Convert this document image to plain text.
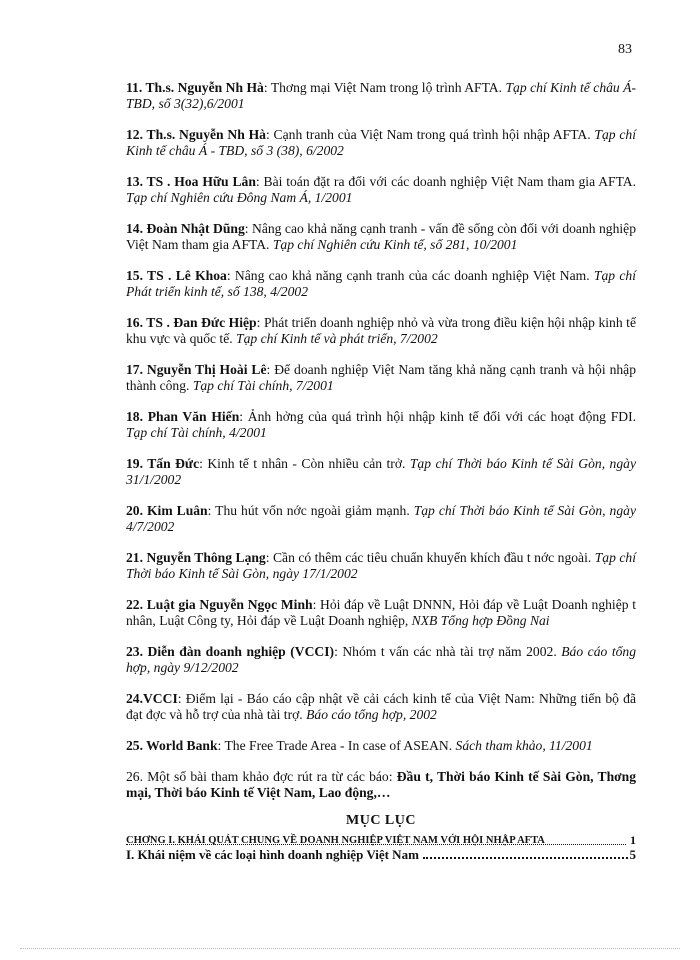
83

11. Th.s. Nguyễn Nh Hà: Thơng mại Việt Nam trong lộ trình AFTA. Tạp chí Kinh tế châu Á- TBD, số 3(32),6/2001

12. Th.s. Nguyễn Nh Hà: Cạnh tranh của Việt Nam trong quá trình hội nhập AFTA. Tạp chí Kinh tế châu Á - TBD, số 3 (38), 6/2002

13. TS . Hoa Hữu Lân: Bài toán đặt ra đối với các doanh nghiệp Việt Nam tham gia AFTA. Tạp chí Nghiên cứu Đông Nam Á, 1/2001

14. Đoàn Nhật Dũng: Nâng cao khả năng cạnh tranh - vấn đề sống còn đối với doanh nghiệp Việt Nam tham gia AFTA. Tạp chí Nghiên cứu Kinh tế, số 281, 10/2001

15. TS . Lê Khoa: Nâng cao khả năng cạnh tranh của các doanh nghiệp Việt Nam. Tạp chí Phát triển kinh tế, số 138, 4/2002

16. TS . Đan Đức Hiệp: Phát triển doanh nghiệp nhỏ và vừa trong điều kiện hội nhập kinh tế khu vực và quốc tế. Tạp chí Kinh tế và phát triển, 7/2002

17. Nguyễn Thị Hoài Lê: Để doanh nghiệp Việt Nam tăng khả năng cạnh tranh và hội nhập thành công. Tạp chí Tài chính, 7/2001

18. Phan Văn Hiến: Ảnh hởng của quá trình hội nhập kinh tế đối với các hoạt động FDI. Tạp chí Tài chính, 4/2001

19. Tấn Đức: Kinh tế t nhân - Còn nhiều cản trở. Tạp chí Thời báo Kinh tế Sài Gòn, ngày 31/1/2002

20. Kim Luân: Thu hút vốn nớc ngoài giảm mạnh. Tạp chí Thời báo Kinh tế Sài Gòn, ngày 4/7/2002

21. Nguyễn Thông Lạng: Cần có thêm các tiêu chuẩn khuyến khích đầu t nớc ngoài. Tạp chí Thời báo Kinh tế Sài Gòn, ngày 17/1/2002

22. Luật gia Nguyễn Ngọc Minh: Hỏi đáp về Luật DNNN, Hỏi đáp về Luật Doanh nghiệp t nhân, Luật Công ty, Hỏi đáp về Luật Doanh nghiệp, NXB Tổng hợp Đồng Nai

23. Diễn đàn doanh nghiệp (VCCI): Nhóm t vấn các nhà tài trợ năm 2002. Báo cáo tổng hợp, ngày 9/12/2002

24.VCCI: Điểm lại - Báo cáo cập nhật về cải cách kinh tế của Việt Nam: Những tiến bộ đã đạt đợc và hỗ trợ của nhà tài trợ. Báo cáo tổng hợp, 2002

25. World Bank: The Free Trade Area - In case of ASEAN. Sách tham khảo, 11/2001

26. Một số bài tham khảo đợc rút ra từ các báo: Đầu t, Thời báo Kinh tế Sài Gòn, Thơng mại, Thời báo Kinh tế Việt Nam, Lao động,…

MỤC LỤC
CHƠNG I. KHÁI QUÁT CHUNG VỀ DOANH NGHIỆP VIỆT NAM VỚI HỘI NHẬP AFTA	1
I. Khái niệm về các loại hình doanh nghiệp Việt Nam	5
